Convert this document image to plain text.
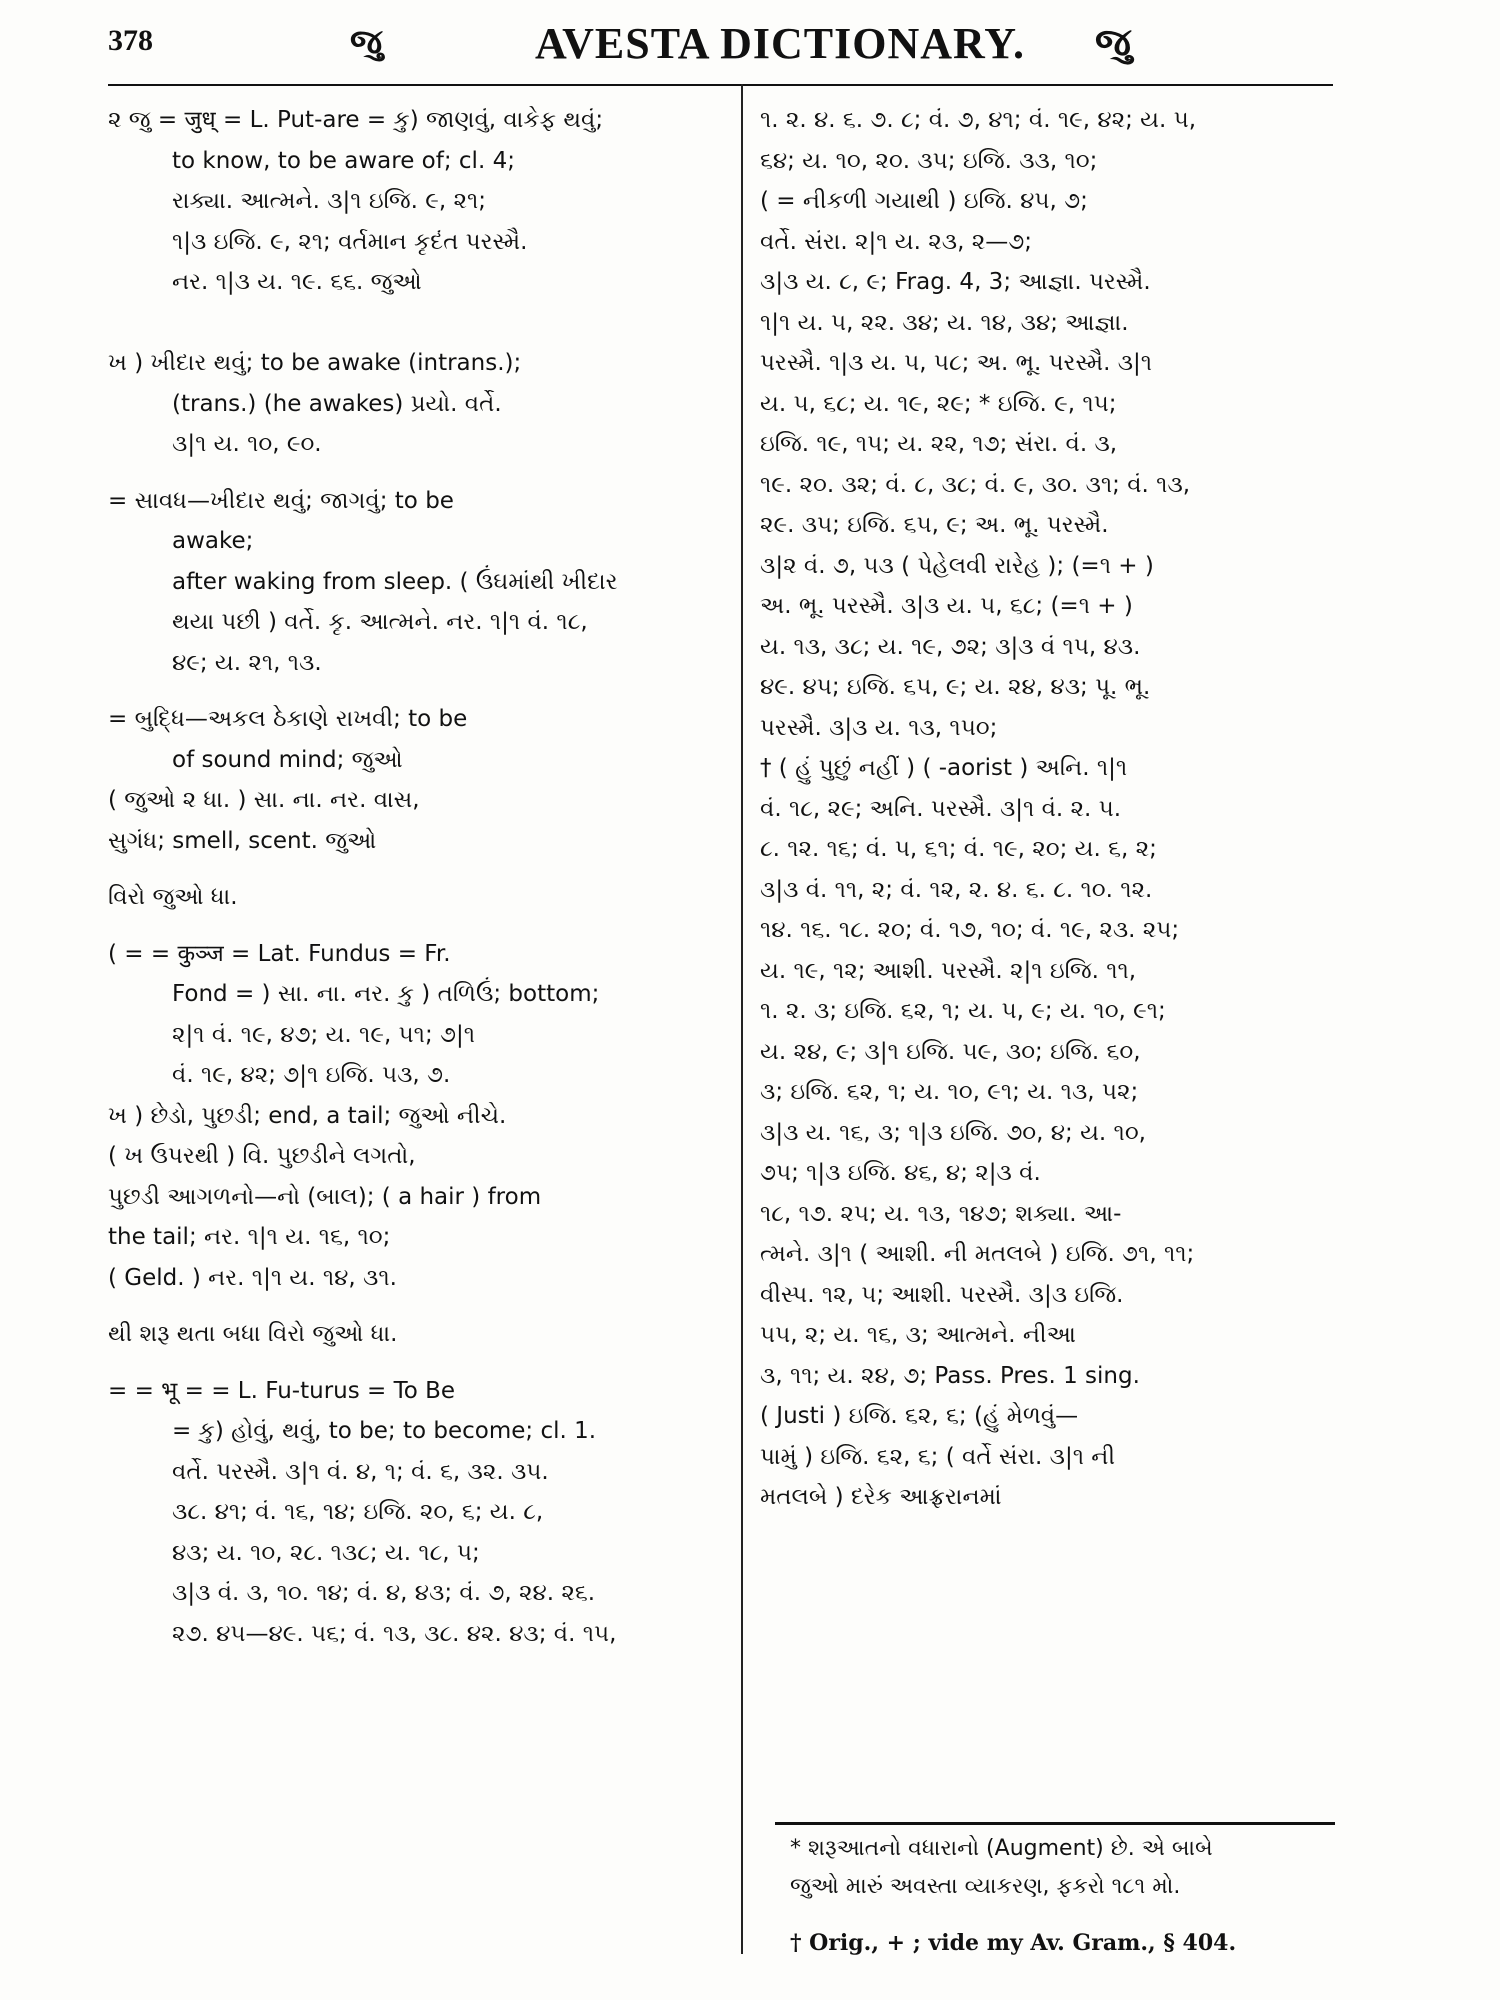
378	જુ	AVESTA DICTIONARY. જુ
૨ જુ = जुध् = L. Put-are = કુ) જાણવું, વાકેફ થવું;
to know, to be aware of; cl. 4;
રાક્યા. આત્મને. ૩|૧ ઇજિ. ૯, ૨૧;
૧|૩ ઇજિ. ૯, ૨૧; વર્તમાન કૃદંત પરસ્મૈ.
નર. ૧|૩ ય. ૧૯. ૬૬. જુઓ
ખ ) ખીદાર થવું; to be awake (intrans.);
(trans.) (he awakes) પ્રયો. વર્તે.
૩|૧ ય. ૧૦, ૯૦.
= સાવધ—ખીદાર થવું; જાગવું; to be
awake;
after waking from sleep. ( ઉંઘમાંથી ખીદાર
થયા પછી ) વર્તે. કૃ. આત્મને. નર. ૧|૧ વં. ૧૮,
૪૯; ય. ૨૧, ૧૩.
= બુદ્ધિ—અકલ ઠેકાણે રાખવી; to be
of sound mind; જુઓ
( જુઓ ૨ ધા. ) સા. ના. નર. વાસ,
સુગંધ; smell, scent. જુઓ
વિરો જુઓ ધા.
( = = कुञ्ज = Lat. Fundus = Fr.
Fond = ) સા. ના. નર. કુ ) તળિઉં; bottom;
૨|૧ વં. ૧૯, ૪૭; ય. ૧૯, ૫૧; ૭|૧
વં. ૧૯, ૪૨; ૭|૧ ઇજિ. ૫૩, ૭.
ખ ) છેડો, પુછડી; end, a tail; જુઓ નીચે.
( ખ ઉપરથી ) વિ. પુછડીને લગતો,
પુછડી આગળનો—નો (બાલ); ( a hair ) from
the tail; નર. ૧|૧ ય. ૧૬, ૧૦;
( Geld. ) નર. ૧|૧ ય. ૧૪, ૩૧.
થી શરૂ થતા બધા વિરો જુઓ ધા.
= = भू = = L. Fu-turus = To Be
= કુ) હોવું, થવું, to be; to become; cl. 1.
વર્તે. પરસ્મૈ. ૩|૧ વં. ૪, ૧; વં. ૬, ૩૨. ૩૫.
૩૮. ૪૧; વં. ૧૬, ૧૪; ઇજિ. ૨૦, ૬; ય. ૮,
૪૩; ય. ૧૦, ૨૮. ૧૩૮; ય. ૧૮, ૫;
૩|૩ વં. ૩, ૧૦. ૧૪; વં. ૪, ૪૩; વં. ૭, ૨૪. ૨૬.
૨૭. ૪૫—૪૯. ૫૬; વં. ૧૩, ૩૮. ૪૨. ૪૩; વં. ૧૫,
૧. ૨. ૪. ૬. ૭. ૮; વં. ૭, ૪૧; વં. ૧૯, ૪૨; ય. ૫,
૬૪; ય. ૧૦, ૨૦. ૩૫; ઇજિ. ૩૩, ૧૦;
( = નીકળી ગયાથી ) ઇજિ. ૪૫, ૭;
વર્તે. સંરા. ૨|૧ ય. ૨૩, ૨—૭;
૩|૩ ય. ૮, ૯; Frag. 4, 3; આજ્ઞા. પરસ્મૈ.
૧|૧ ય. ૫, ૨૨. ૩૪; ય. ૧૪, ૩૪; આજ્ઞા.
પરસ્મૈ. ૧|૩ ય. ૫, ૫૮; અ. ભૂ. પરસ્મૈ. ૩|૧
ય. ૫, ૬૮; ય. ૧૯, ૨૯; * ઇજિ. ૯, ૧૫;
ઇજિ. ૧૯, ૧૫; ય. ૨૨, ૧૭; સંરા. વં. ૩,
૧૯. ૨૦. ૩૨; વં. ૮, ૩૮; વં. ૯, ૩૦. ૩૧; વં. ૧૩,
૨૯. ૩૫; ઇજિ. ૬૫, ૯; અ. ભૂ. પરસ્મૈ.
૩|૨ વં. ૭, ૫૩ ( પેહેલવી રારેહ ); (=૧ + )
અ. ભૂ. પરસ્મૈ. ૩|૩ ય. ૫, ૬૮; (=૧ + )
ય. ૧૩, ૩૮; ય. ૧૯, ૭૨; ૩|૩ વં ૧૫, ૪૩.
૪૯. ૪૫; ઇજિ. ૬૫, ૯; ય. ૨૪, ૪૩; પૂ. ભૂ.
પરસ્મૈ. ૩|૩ ય. ૧૩, ૧૫૦;
† ( હું પુછું નહીં ) ( -aorist ) અનિ. ૧|૧
વં. ૧૮, ૨૯; અનિ. પરસ્મૈ. ૩|૧ વં. ૨. ૫.
૮. ૧૨. ૧૬; વં. ૫, ૬૧; વં. ૧૯, ૨૦; ય. ૬, ૨;
૩|૩ વં. ૧૧, ૨; વં. ૧૨, ૨. ૪. ૬. ૮. ૧૦. ૧૨.
૧૪. ૧૬. ૧૮. ૨૦; વં. ૧૭, ૧૦; વં. ૧૯, ૨૩. ૨૫;
ય. ૧૯, ૧૨; આશી. પરસ્મૈ. ૨|૧ ઇજિ. ૧૧,
૧. ૨. ૩; ઇજિ. ૬૨, ૧; ય. ૫, ૯; ય. ૧૦, ૯૧;
ય. ૨૪, ૯; ૩|૧ ઇજિ. ૫૯, ૩૦; ઇજિ. ૬૦,
૩; ઇજિ. ૬૨, ૧; ય. ૧૦, ૯૧; ય. ૧૩, ૫૨;
૩|૩ ય. ૧૬, ૩; ૧|૩ ઇજિ. ૭૦, ૪; ય. ૧૦,
૭૫; ૧|૩ ઇજિ. ૪૬, ૪; ૨|૩ વં.
૧૮, ૧૭. ૨૫; ય. ૧૩, ૧૪૭; શક્યા. આ-
ત્મને. ૩|૧ ( આશી. ની મતલબે ) ઇજિ. ૭૧, ૧૧;
વીસ્પ. ૧૨, ૫; આશી. પરસ્મૈ. ૩|૩ ઇજિ.
૫૫, ૨; ય. ૧૬, ૩; આત્મને. નીઆ
૩, ૧૧; ય. ૨૪, ૭; Pass. Pres. 1 sing.
( Justi ) ઇજિ. ૬૨, ૬; (હું મેળવું—
પામું ) ઇજિ. ૬૨, ૬; ( વર્તે સંરા. ૩|૧ ની
મતલબે ) દરેક આફ્રરાનમાં
* શરૂઆતનો વધારાનો (Augment) છે. એ બાબે
જુઓ મારું અવસ્તા વ્યાકરણ, ફકરો ૧૮૧ મો.
† Orig., + ; vide my Av. Gram., § 404.
